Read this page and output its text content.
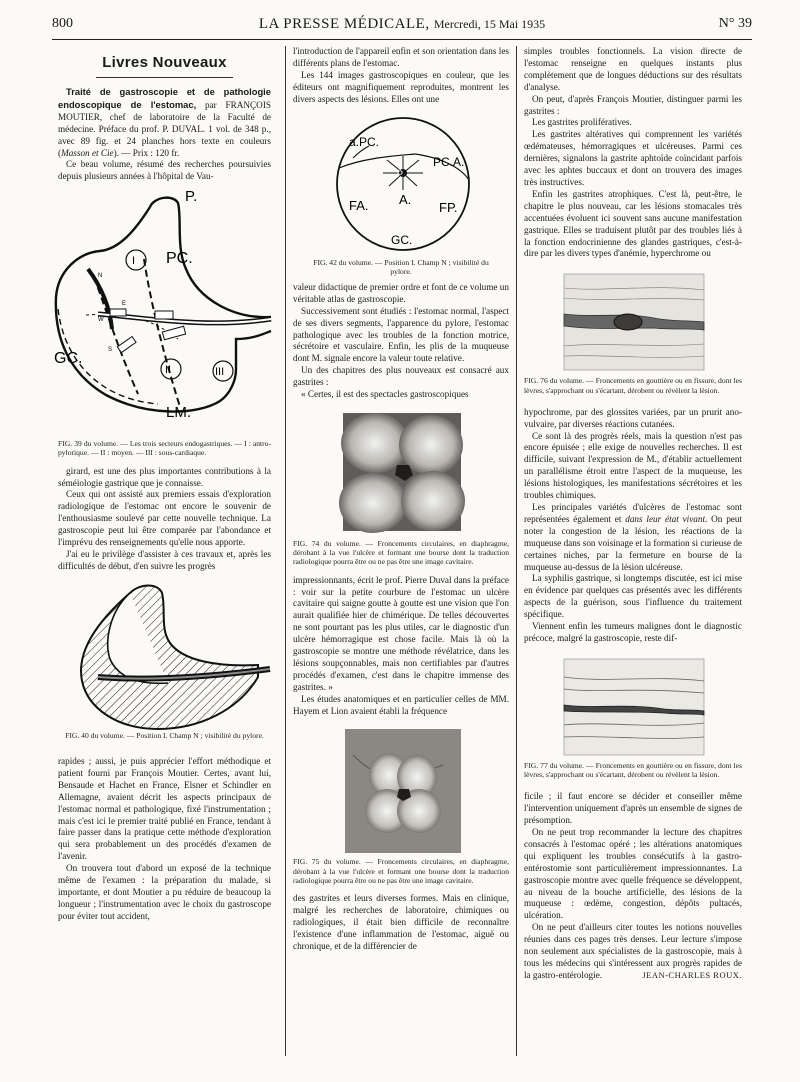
800	LA PRESSE MÉDICALE, Mercredi, 15 Mai 1935	N° 39
Livres Nouveaux

Traité de gastroscopie et de pathologie endoscopique de l'estomac, par FRANÇOIS MOUTIER, chef de laboratoire de la Faculté de médecine. Préface du prof. P. DUVAL. 1 vol. de 348 p., avec 89 fig. et 24 planches hors texte en couleurs (Masson et Cie). — Prix : 120 fr.

Ce beau volume, résumé des recherches poursuivies depuis plusieurs années à l'hôpital de Vau-

P.
I PC.
II	III
GC.
LM.
N
E
W
S
FIG. 39 du volume. — Les trois secteurs endogastriques. — I : antro-pylorique. — II : moyen. — III : sous-cardiaque.

girard, est une des plus importantes contributions à la séméiologie gastrique que je connaisse.

Ceux qui ont assisté aux premiers essais d'exploration radiologique de l'estomac ont encore le souvenir de l'enthousiasme soulevé par cette nouvelle technique. La gastroscopie peut lui être comparée par l'abondance et l'imprévu des renseignements qu'elle nous apporte.

J'ai eu le privilège d'assister à ces travaux et, après les difficultés de début, d'en suivre les progrès

FIG. 40 du volume. — Position I. Champ N ; visibilité du pylore.

rapides ; aussi, je puis apprécier l'effort méthodique et patient fourni par François Moutier. Certes, avant lui, Bensaude et Hachet en France, Elsner et Schindler en Allemagne, avaient décrit les aspects principaux de l'estomac normal et pathologique, fixé l'instrumentation ; mais c'est ici le premier traité publié en France, tendant à faire passer dans la pratique cette méthode d'exploration qui sera probablement un des procédés d'examen de l'avenir.

On trouvera tout d'abord un exposé de la technique même de l'examen : la préparation du malade, si importante, et dont Moutier a pu réduire de beaucoup la longueur ; l'instrumentation avec le choix du gastroscope pour éviter tout accident,

l'introduction de l'appareil enfin et son orientation dans les différents plans de l'estomac.

Les 144 images gastroscopiques en couleur, que les éditeurs ont magnifiquement reproduites, montrent les divers aspects des lésions. Elles ont une

a.PC.
PC.A.
P
FA. A.
FP.
GC.
FIG. 42 du volume. — Position I. Champ N ; visibilité du pylore.

valeur didactique de premier ordre et font de ce volume un véritable atlas de gastroscopie.

Successivement sont étudiés : l'estomac normal, l'aspect de ses divers segments, l'apparence du pylore, l'estomac pathologique avec les troubles de la fonction motrice, sécrétoire et vasculaire. Enfin, les plis de la muqueuse dont M. signale encore la valeur toute relative.

Un des chapitres des plus nouveaux est consacré aux gastrites :

« Certes, il est des spectacles gastroscopiques

FIG. 74 du volume. — Froncements circulaires, en diaphragme, dérobant à la vue l'ulcère et formant une bourse dont la traduction radiologique pourra être ou ne pas être une image cavitaire.

impressionnants, écrit le prof. Pierre Duval dans la préface : voir sur la petite courbure de l'estomac un ulcère cavitaire qui saigne goutte à goutte est une vision que l'on aurait qualifiée hier de chimérique. De telles découvertes ne sont pourtant pas les plus utiles, car le diagnostic d'un ulcère hémorragique est chose facile. Mais là où la gastroscopie se montre une méthode révélatrice, dans les lésions soupçonnables, mais non certifiables par d'autres procédés d'examen, c'est dans le chapitre immense des gastrites. »

Les études anatomiques et en particulier celles de MM. Hayem et Lion avaient établi la fréquence

FIG. 75 du volume. — Froncements circulaires, en diaphragme, dérobant à la vue l'ulcère et formant une bourse dont la traduction radiologique pourra être ou ne pas être une image cavitaire.

des gastrites et leurs diverses formes. Mais en clinique, malgré les recherches de laboratoire, chimiques ou radiologiques, il était bien difficile de reconnaître l'existence d'une inflammation de l'estomac, aiguë ou chronique, et de la différencier de

simples troubles fonctionnels. La vision directe de l'estomac renseigne en quelques instants plus complètement que de longues déductions sur des résultats d'analyse.

On peut, d'après François Moutier, distinguer parmi les gastrites :

Les gastrites prolifératives.

Les gastrites altératives qui comprennent les variétés œdémateuses, hémorragiques et ulcéreuses. Parmi ces dernières, signalons la gastrite aphtoïde coïncidant parfois avec les aphtes buccaux et dont on trouvera des images très instructives.

Enfin les gastrites atrophiques. C'est là, peut-être, le chapitre le plus nouveau, car les lésions stomacales très accentuées évoluent ici souvent sans aucune manifestation gastrique. Elles se traduisent plutôt par des troubles liés à la fonction endocrinienne des glandes gastriques, c'est-à-dire par les divers types d'anémie, hyperchrome ou

FIG. 76 du volume. — Froncements en gouttière ou en fissure, dont les lèvres, s'approchant ou s'écartant, dérobent ou révèlent la lésion.

hypochrome, par des glossites variées, par un prurit ano-vulvaire, par diverses réactions cutanées.

Ce sont là des progrès réels, mais la question n'est pas encore épuisée ; elle exige de nouvelles recherches. Il est difficile, suivant l'expression de M., d'établir actuellement un parallélisme étroit entre l'aspect de la muqueuse, les lésions histologiques, les manifestations sécrétoires et les troubles chimiques.

Les principales variétés d'ulcères de l'estomac sont représentées également et dans leur état vivant. On peut noter la congestion de la lésion, les réactions de la muqueuse dans son voisinage et la formation si curieuse de certaines niches, par la fermeture en bourse de la muqueuse au-dessus de la lésion ulcéreuse.

La syphilis gastrique, si longtemps discutée, est ici mise en évidence par quelques cas présentés avec les différents aspects de la guérison, sous l'influence du traitement spécifique.

Viennent enfin les tumeurs malignes dont le diagnostic précoce, malgré la gastroscopie, reste dif-

FIG. 77 du volume. — Froncements en gouttière ou en fissure, dont les lèvres, s'approchant ou s'écartant, dérobent ou révèlent la lésion.

ficile ; il faut encore se décider et conseiller même l'intervention uniquement d'après un ensemble de signes de présomption.

On ne peut trop recommander la lecture des chapitres consacrés à l'estomac opéré ; les altérations anatomiques qui expliquent les troubles consécutifs à la gastro-entérostomie sont particulièrement impressionnantes. La gastroscopie montre avec quelle fréquence se développent, au niveau de la bouche artificielle, des lésions de la muqueuse : œdème, congestion, dépôts pultacés, ulcération.

On ne peut d'ailleurs citer toutes les notions nouvelles réunies dans ces pages très denses. Leur lecture s'impose non seulement aux spécialistes de la gastroscopie, mais à tous les médecins qui s'intéressent aux progrès rapides de la gastro-entérologie.	JEAN-CHARLES ROUX.
